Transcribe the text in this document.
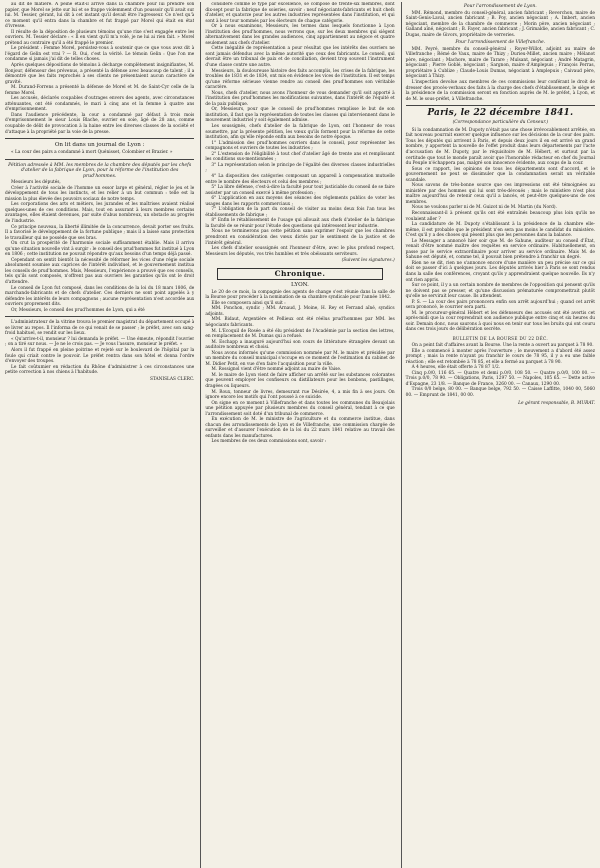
au dit de matière. A peine était-il arrivé dans la chambre pour lui prendre son papier, que Morel se jette sur lui et se frappe violemment d'un poussoir qu'il avait sur lui. M. Tessier, gérant, lui dit à cet instant qu'il devait être l'agresseur. Ce n'est qu'à ce moment qu'il entra dans la chambre et fut frappé par Morel qui était en état d'ivresse.

Il résulte de la déposition de plusieurs témoins qu'une rixe s'est engagée entre les ouvriers. M. Tessier déclare : « Il en vient qu'il m'a volé, je ne lui ai rien fait. » Morel prétend au contraire qu'il a été frappé le premier.

Le président : Femme Morel, persistez-vous à soutenir que ce que vous avez dit à l'égard de Gelin est vrai ? — R. Oui, c'est la vérité. Le témoin Gelin : Que l'on me condamne si jamais j'ai dit de telles choses.

Après quelques dépositions de témoins à décharge complètement insignifiantes, M. Bonjour, défenseur des prévenus, a présenté la défense avec beaucoup de talent ; il a démontré que les faits reprochés à ses clients ne présentaient aucun caractère de gravité.

M. Durand-Forrens a présenté la défense de Morel et M. de Saint-Cyr celle de la femme Morel.

Les accusés, déclarés coupables d'outrages envers des agents, avec circonstances atténuantes, ont été condamnés, le mari à cinq ans et la femme à quatre ans d'emprisonnement.

Dans l'audience précédente, la cour a condamné par défaut à trois mois d'emprisonnement le sieur Louis Blache, ouvrier en soie, âgé de 28 ans, comme coupable de délit de provocation à la haine entre les diverses classes de la société et d'attaque à la propriété par la voie de la presse.

On lit dans un journal de Lyon :

« La cour des pairs a condamné à mort Quénisset, Colombier et Brazier. »

Pétition adressée à MM. les membres de la chambre des députés par les chefs d'atelier de la fabrique de Lyon, pour la réforme de l'institution des prud'hommes.

Messieurs les députés,

Créer à l'activité sociale de l'homme un essor large et général, régler le jeu et le développement de tous les instincts, et les relier à un but commun : telle est la mission la plus élevée des pouvoirs sociaux de notre temps.

Les corporations des arts et métiers, les jurandes et les maîtrises avaient réalisé quelques-unes de ces conditions. Mais, tout en assurant à leurs membres certains avantages, elles étaient devenues, par suite d'abus nombreux, un obstacle au progrès de l'industrie.

Ce principe nouveau, la liberté illimitée de la concurrence, devait porter ses fruits. Il a favorisé le développement de la fortune publique ; mais il a laissé sans protection le travailleur qui ne possède que ses bras.

On crut la prospérité de l'harmonie sociale suffisamment établie. Mais il arriva qu'une situation nouvelle vint à surgir : le conseil des prud'hommes fut institué à Lyon en 1806 ; cette institution ne pouvait répondre qu'aux besoins d'un temps déjà passé.

Cependant on sentit bientôt la nécessité de réformer les vices d'une régie sociale absolument soumise aux caprices de l'intérêt individuel, et le gouvernement institua les conseils de prud'hommes. Mais, Messieurs, l'expérience a prouvé que ces conseils, tels qu'ils sont composés, n'offrent pas aux ouvriers les garanties qu'ils ont le droit d'attendre.

Le conseil de Lyon fut composé, dans les conditions de la loi du 18 mars 1806, de marchands-fabricants et de chefs d'atelier. Ces derniers ne sont point appelés à y défendre les intérêts de leurs compagnons ; aucune représentation n'est accordée aux ouvriers proprement dits.

Or, Messieurs, le conseil des prud'hommes de Lyon, qui a été

L'administrateur de la vitrine trouva le premier magistrat du département occupé à se livrer au repos. Il l'informa de ce qui venait de se passer ; le préfet, avec son sang-froid habituel, se rendit sur les lieux.

« Qu'arrive-t-il, monsieur ? lui demanda le préfet. — Une émeute, répondit l'ouvrier ; on a tiré sur nous. — Je ne le crois pas. — Je vous l'assure, monsieur le préfet. »

Alors il fut frappé en pleine poitrine et rejeté sur le boulevard de l'hôpital par la foule qui criait contre le pouvoir. Le préfet rentra dans son hôtel et donna l'ordre d'envoyer des troupes.

Le fait coûtumier en rédaction du Rhône d'administrer à ces circonstances une petite correction à nos chiens à l'habitude.

STANISLAS CLERC.

considéré comme le type par excellence, se compose de trente-six membres, dont dix-sept pour la fabrique de soieries, savoir : neuf négociants-fabricants et huit chefs d'atelier, et quatorze pour les autres industries représentées dans l'institution, et qui sont à leur tour nommés par les électeurs de chaque catégorie.

Or à nous examinons, Messieurs, les termes dans lesquels fonctionne à Lyon l'institution des prud'hommes, nous verrons que, sur les deux membres qui siègent alternativement dans les grandes audiences, cinq appartiennent au négoce et quatre seulement aux chefs d'atelier.

Cette inégalité de représentation a pour résultat que les intérêts des ouvriers ne sont jamais défendus avec la même autorité que ceux des fabricants. Le conseil, qui devrait être un tribunal de paix et de conciliation, devient trop souvent l'instrument d'une classe contre une autre.

Messieurs, la douloureuse histoire des faits accomplis, les crises de la fabrique, les troubles de 1831 et de 1834, ont mis en évidence les vices de l'institution. Il est temps qu'une réforme sérieuse vienne rendre au conseil des prud'hommes son véritable caractère.

Nous, chefs d'atelier, nous avons l'honneur de vous demander qu'il soit apporté à l'institution des prud'hommes les modifications suivantes, dans l'intérêt de l'équité et de la paix publique.

Or, Messieurs, pour que le conseil de prud'hommes remplisse le but de son institution, il faut que la représentation de toutes les classes qui interviennent dans le mouvement industriel y soit également admise.

Les soussignés, chefs d'atelier de la fabrique de Lyon, ont l'honneur de vous soumettre, par la présente pétition, les vœux qu'ils forment pour la réforme de cette institution, afin qu'elle réponde enfin aux besoins de notre époque.

1° L'admission des prud'hommes ouvriers dans le conseil, pour représenter les compagnons et ouvriers de toutes les industries ;

2° L'extension de l'éligibilité à tout chef d'atelier âgé de trente ans et remplissant les conditions sus-mentionnées ;

3° La représentation selon le principe de l'égalité des diverses classes industrielles ;

4° La disposition des catégories composant un appareil à compensation mutuelle entre le nombre des électeurs et celui des membres ;

5° La libre défense, c'est-à-dire la faculté pour tout justiciable du conseil de se faire assister par un conseil exercé à même profession ;

6° L'application en aux moyens des séances des règlements publics de voter les usages dans les rapports commerciaux ;

7° L'obligation de la part du conseil de visiter au moins deux fois l'an tous les établissements de fabrique ;

8° Enfin le rétablissement de l'usage qui allouait aux chefs d'atelier de la fabrique la faculté de se réunir pour l'étude des questions qui intéressent leur industrie.

Nous ne terminerons pas cette pétition sans exprimer l'espoir que les chambres prendront en considération des vœux dictés par le sentiment de la justice et de l'intérêt général.

Les chefs d'atelier soussignés ont l'honneur d'être, avec le plus profond respect, Messieurs les députés, vos très humbles et très obéissants serviteurs.

(Suivent les signatures.)
Chronique.

LYON.

Le 20 de ce mois, la compagnie des agents de change s'est réunie dans la salle de la Bourse pour procéder à la nomination de sa chambre syndicale pour l'année 1842.

Elle se composera ainsi qu'il suit :

MM. Ponchon, syndic ; MM. Arnaud, J. Moine, H. Rey et Ferrand aîné, syndics adjoints.

MM. Bidaut, Argentière et Pellieux ont été réélus prud'hommes par MM. les négociants fabricants.

M. L'Ecoquil de Rosée a été élu président de l'Académie par la section des lettres, en remplacement de M. Dumas qui a refusé.

M. Eschapp a inauguré aujourd'hui son cours de littérature étrangère devant un auditoire nombreux et choisi.

Nous avons informés qu'une commission nommée par M. le maire et présidée par un membre du conseil municipal s'occupe en ce moment de l'estimation du cabinet de M. Didier Petit, en vue d'en faire l'acquisition pour la ville.

M. Rossignol vient d'être nommé adjoint au maire de Vaise.

M. le maire de Lyon vient de faire afficher un arrêté sur les substances colorantes que peuvent employer les confiseurs ou distillateurs pour les bonbons, pastillages, dragées ou liqueurs.

M. Roux, tonneur de livres, demeurant rue Désirée, 4, a mis fin à ses jours. On ignore encore les motifs qui l'ont poussé à ce suicide.

On signe en ce moment à Villefranche et dans toutes les communes du Beaujolais une pétition appuyée par plusieurs membres du conseil général, tendant à ce que l'arrondissement soit doté d'un tribunal de commerce.

En exécution de M. le ministre de l'agriculture et du commerce institue, dans chacun des arrondissements de Lyon et de Villefranche, une commission chargée de surveiller et d'assurer l'exécution de la loi du 22 mars 1841 relative au travail des enfants dans les manufactures.

Les membres de ces deux commissions sont, savoir :

Pour l'arrondissement de Lyon.

MM. Rémond, membre du conseil-général, ancien fabricant ; Reverchon, maire de Saint-Genis-Laval, ancien fabricant ; B. Poy, ancien négociant ; A. Imbert, ancien négociant, membre de la chambre de commerce ; Morin père, ancien négociant ; Galland aîné, négociant ; B. Fayer, ancien fabricant ; J. Grimaldie, ancien fabricant ; C. Dugas, maire de Givors, propriétaire de verreries.

Pour l'arrondissement de Villefranche.

MM. Peyré, membre du conseil-général ; Royer-Willot, adjoint au maire de Villefranche ; Rémé de Vaux, maire de Thizy ; Durieu-Millet, ancien maire ; Mélanot père, négociant ; Machore, maire de Tarare ; Mulsant, négociant ; André Matagrin, négociant ; Pierre Goblé, négociant ; Sargnon, maire d'Amplepuis ; François Perras, propriétaire à Cublize ; Claude-Louis Dumas, négociant à Amplepuis ; Caivaud père, négociant à Thizy.

L'inspection devolue aux membres de ces commissions leur conférant le droit de dresser des procès-verbaux des faits à la charge des chefs d'établissement, le siège et la présidence de la commission seront en fonction auprès de M. le préfet, à Lyon, et de M. le sous-préfet, à Villefranche.

Paris, le 22 décembre 1841.
(Correspondance particulière du Censeur.)

Si la condamnation de M. Dupoty n'était pas une chose irrévocablement arrêtée, on fait nouveau pourrait exercer quelque influence sur les décisions de la cour des pairs. Tous les députés qui arrivent à Paris, et depuis deux jours il en est arrivé un grand nombre, y apportent la nouvelle de l'effet produit dans leurs départements par l'acte d'accusation de M. Dupoty, par le réquisitoire de M. Hébert, et surtout par la certitude que tout le monde paraît avoir que l'honorable rédacteur en chef du Journal du Peuple n'échappera pas, malgré son innocence évidente, aux coups de la cour.

Sous ce rapport, les opinions de tous les départements sont d'accord, et le gouvernement ne peut se dissimuler que la condamnation serait un véritable scandale.

Nous savons de très-bonne source que ces impressions ont été témoignées au ministère par des hommes qui lui sont très-dévoués ; mais le ministère n'est plus maître aujourd'hui de retenir ceux qu'il a lancés, et peut-être quelques-uns de ces membres.

Nous ne voulons parler ni de M. Guizot ni de M. Martin (du Nord).

Reconnaissant-il à présent qu'ils ont été entraînés beaucoup plus loin qu'ils ne voulaient aller ?

La candidature de M. Dupoty s'établissant à la présidence de la chambre elle-même, il est probable que le président n'en sera pas moins le candidat du ministère. C'est qu'il y a des choses qui pèsent plus que les personnes dans la balance.

Le Messager a annoncé hier soir que M. de Sahune, auditeur au conseil d'État, venait d'être nommé maître des requêtes en service ordinaire. Habituellement, on passe par le service extraordinaire pour arriver au service ordinaire. Mais M. de Sahune est député, et, comme tel, il pouvait bien prétendre à franchir un degré.

Rien ne se dit, rien ne s'annonce encore d'une manière un peu précise sur ce qui doit se passer d'ici à quelques jours. Les députés arrivés hier à Paris se sont rendus dans la salle des conférences, croyant qu'ils y apprendraient quelque nouvelle. Ils n'y ont rien appris.

Sur ce point, il y a un certain nombre de membres de l'opposition qui pensent qu'ils ne doivent pas se presser, et qu'une discussion prématurée compromettrait plutôt qu'elle ne servirait leur cause. Ils attendent.

P. S. — La cour des pairs prononcera enfin son arrêt aujourd'hui ; quand cet arrêt sera prononcé, le courrier sera parti.

M. le procureur-général Hébert et les défenseurs des accusés ont été avertis cet après-midi que la cour reprendrait son audience publique entre cinq et six heures du soir. Demain donc, nous saurons à quoi nous en tenir sur tous les bruits qui ont couru dans ces trois jours de délibération secrète.

BULLETIN DE LA BOURSE DU 22 DÉC.

On a peint fait d'affaires avant la Bourse. Une la rente a ouvert au parquet à 78 90.

Elle a commencé à monter après l'ouverture ; le mouvement a d'abord été assez prompt ; mais la rente n'ayant pu franchir le cours de 78 95, il y a eu une faible réaction ; elle est retombée à 78 85, et elle a fermé au parquet à 78 90.

A 4 heures, elle était offerte à 78 87 1/2.

Cinq p.0/0, 116 65. — Quatre et demi p.0/0, 108 50. — Quatre p.0/0, 100 00. — Trois p.0/0, 78 90. — Obligations, Paris, 1297 50. — Napoles, 105 65. — Dette active d'Espagne, 23 1/8. — Banque de France, 3260 00. — Canaux, 1290 00.

Trois 0/0 belge, 80 00. — Banque belge, 792 50. — Caisse Laffitte, 1040 00, 5060 00. — Emprunt de 1841, 00 00.

Le gérant responsable, B. MURAT.
